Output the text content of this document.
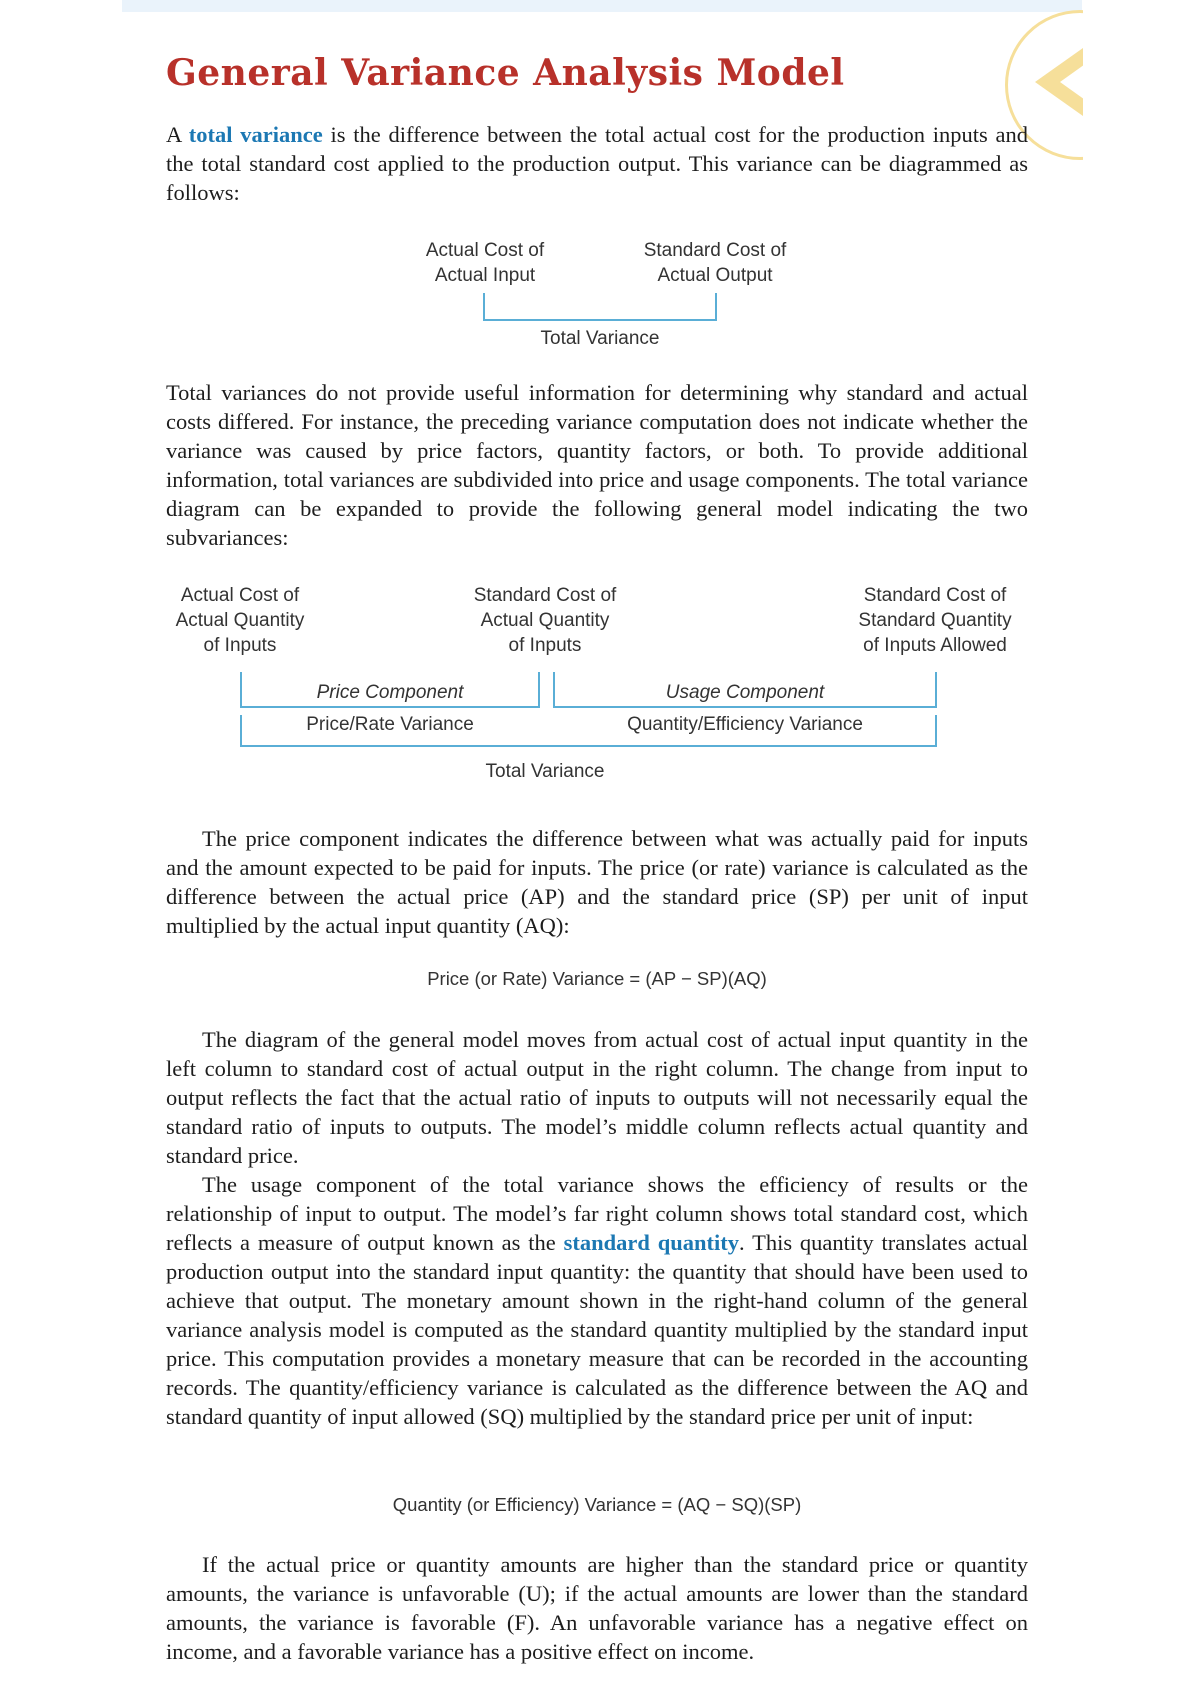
General Variance Analysis Model

A total variance is the difference between the total actual cost for the production inputs and the total standard cost applied to the production output. This variance can be diagrammed as follows:

Actual Cost of
Actual Input
Standard Cost of
Actual Output
Total Variance

Total variances do not provide useful information for determining why standard and actual costs differed. For instance, the preceding variance computation does not indicate whether the variance was caused by price factors, quantity factors, or both. To provide additional information, total variances are subdivided into price and usage components. The total variance diagram can be expanded to provide the following general model indicating the two subvariances:

Actual Cost of
Actual Quantity
of Inputs
Standard Cost of
Actual Quantity
of Inputs
Standard Cost of
Standard Quantity
of Inputs Allowed
Price Component	Usage Component
Price/Rate Variance	Quantity/Efficiency Variance
Total Variance

The price component indicates the difference between what was actually paid for inputs and the amount expected to be paid for inputs. The price (or rate) variance is calculated as the difference between the actual price (AP) and the standard price (SP) per unit of input multiplied by the actual input quantity (AQ):

Price (or Rate) Variance = (AP − SP)(AQ)

The diagram of the general model moves from actual cost of actual input quantity in the left column to standard cost of actual output in the right column. The change from input to output reflects the fact that the actual ratio of inputs to outputs will not necessarily equal the standard ratio of inputs to outputs. The model’s middle column reflects actual quantity and standard price.

The usage component of the total variance shows the efficiency of results or the relationship of input to output. The model’s far right column shows total standard cost, which reflects a measure of output known as the standard quantity. This quantity translates actual production output into the standard input quantity: the quantity that should have been used to achieve that output. The monetary amount shown in the right-hand column of the general variance analysis model is computed as the standard quantity multiplied by the standard input price. This computation provides a monetary measure that can be recorded in the accounting records. The quantity/efficiency variance is calculated as the difference between the AQ and standard quantity of input allowed (SQ) multiplied by the standard price per unit of input:

Quantity (or Efficiency) Variance = (AQ − SQ)(SP)

If the actual price or quantity amounts are higher than the standard price or quantity amounts, the variance is unfavorable (U); if the actual amounts are lower than the standard amounts, the variance is favorable (F). An unfavorable variance has a negative effect on income, and a favorable variance has a positive effect on income.
